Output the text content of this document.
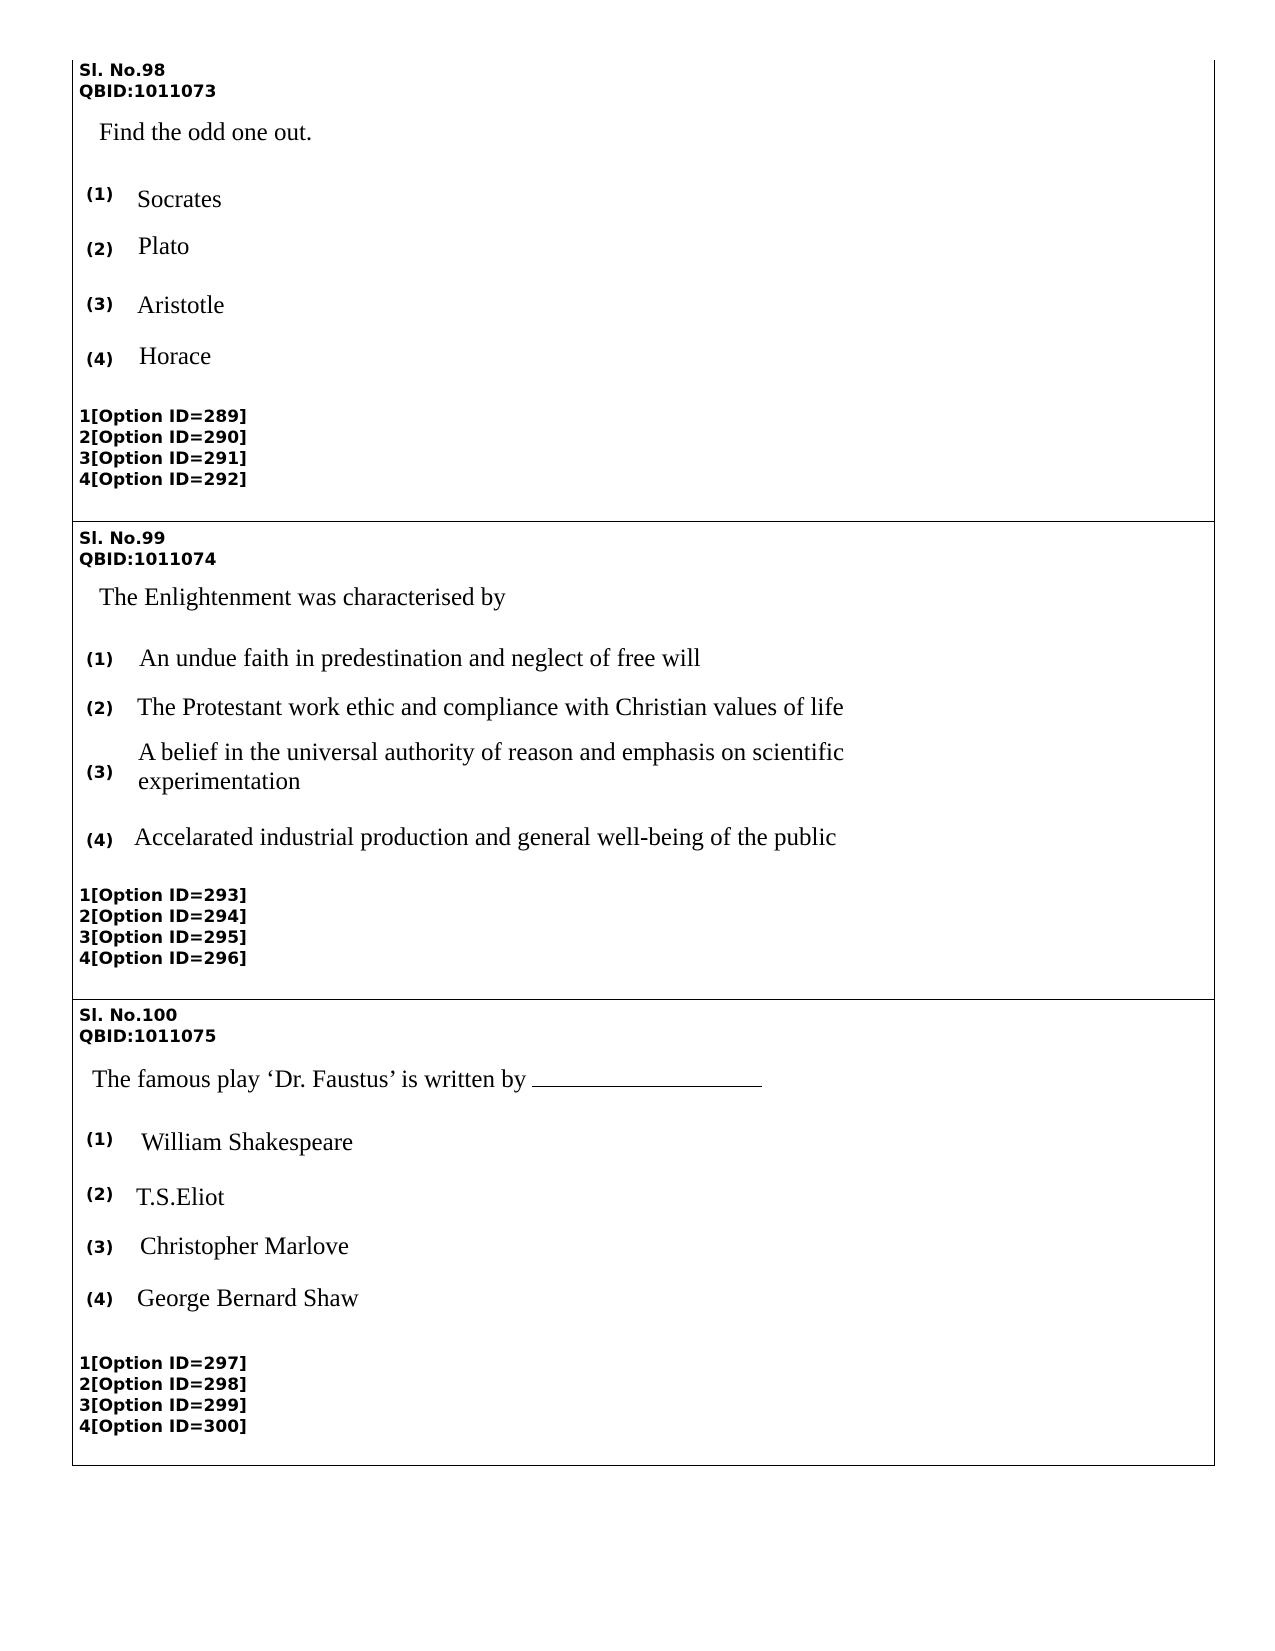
Sl. No.98
QBID:1011073
Find the odd one out.
(1) Socrates
(2) Plato
(3) Aristotle
(4) Horace
1[Option ID=289]
2[Option ID=290]
3[Option ID=291]
4[Option ID=292]
Sl. No.99
QBID:1011074
The Enlightenment was characterised by
(1) An undue faith in predestination and neglect of free will
(2) The Protestant work ethic and compliance with Christian values of life
(3)
A belief in the universal authority of reason and emphasis on scientific
experimentation
(4) Accelarated industrial production and general well-being of the public
1[Option ID=293]
2[Option ID=294]
3[Option ID=295]
4[Option ID=296]
Sl. No.100
QBID:1011075
The famous play ‘Dr. Faustus’ is written by
(1) William Shakespeare
(2) T.S.Eliot
(3) Christopher Marlove
(4) George Bernard Shaw
1[Option ID=297]
2[Option ID=298]
3[Option ID=299]
4[Option ID=300]
